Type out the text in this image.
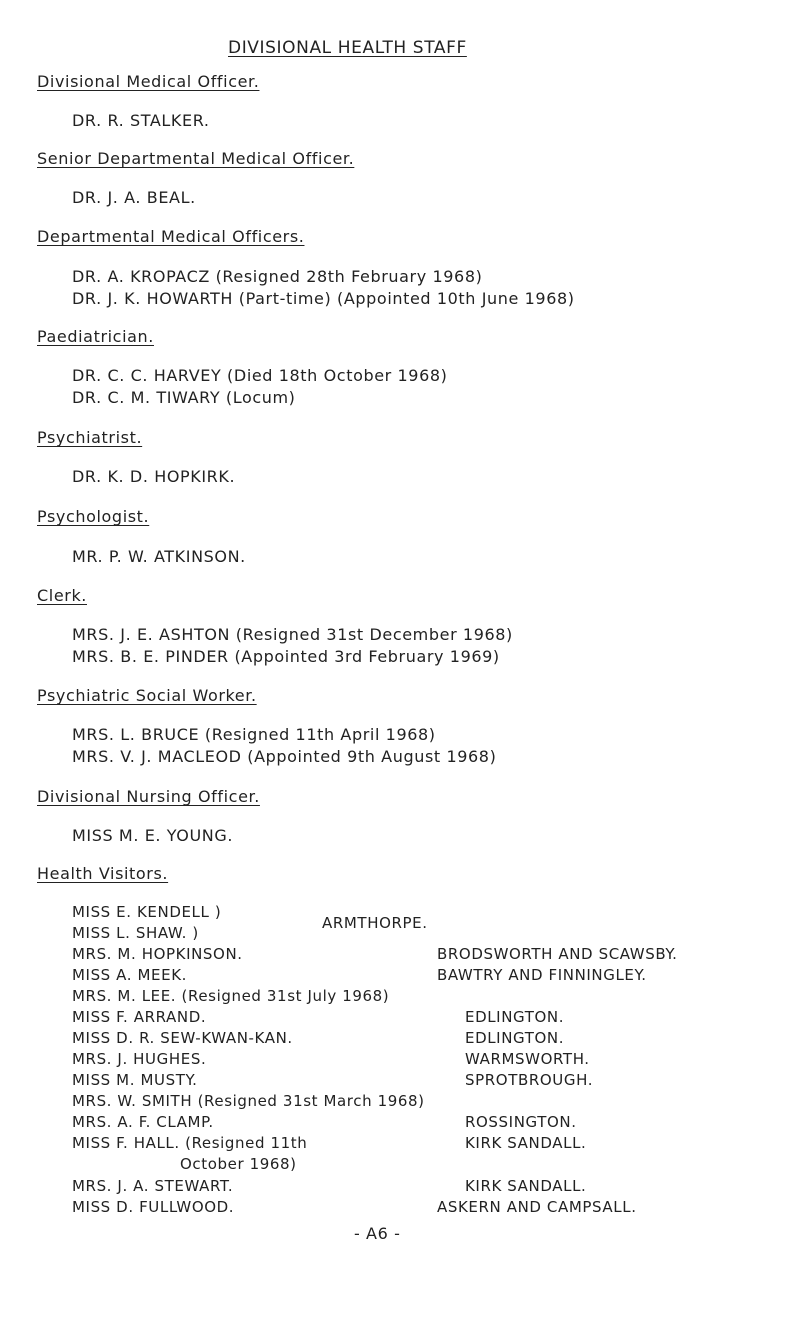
DIVISIONAL HEALTH STAFF
Divisional Medical Officer.
DR. R. STALKER.
Senior Departmental Medical Officer.
DR. J. A. BEAL.
Departmental Medical Officers.
DR. A. KROPACZ (Resigned 28th February 1968)
DR. J. K. HOWARTH (Part-time) (Appointed 10th June 1968)
Paediatrician.
DR. C. C. HARVEY (Died 18th October 1968)
DR. C. M. TIWARY (Locum)
Psychiatrist.
DR. K. D. HOPKIRK.
Psychologist.
MR. P. W. ATKINSON.
Clerk.
MRS. J. E. ASHTON (Resigned 31st December 1968)
MRS. B. E. PINDER (Appointed 3rd February 1969)
Psychiatric Social Worker.
MRS. L. BRUCE (Resigned 11th April 1968)
MRS. V. J. MACLEOD (Appointed 9th August 1968)
Divisional Nursing Officer.
MISS M. E. YOUNG.
Health Visitors.
MISS E. KENDELL )
MISS L. SHAW. )
ARMTHORPE.
MRS. M. HOPKINSON.	BRODSWORTH AND SCAWSBY.
MISS A. MEEK.	BAWTRY AND FINNINGLEY.
MRS. M. LEE. (Resigned 31st July 1968)
MISS F. ARRAND.	EDLINGTON.
MISS D. R. SEW-KWAN-KAN.	EDLINGTON.
MRS. J. HUGHES.	WARMSWORTH.
MISS M. MUSTY.	SPROTBROUGH.
MRS. W. SMITH (Resigned 31st March 1968)
MRS. A. F. CLAMP.	ROSSINGTON.
MISS F. HALL. (Resigned 11th	KIRK SANDALL.
October 1968)
MRS. J. A. STEWART.	KIRK SANDALL.
MISS D. FULLWOOD.	ASKERN AND CAMPSALL.
- A6 -
